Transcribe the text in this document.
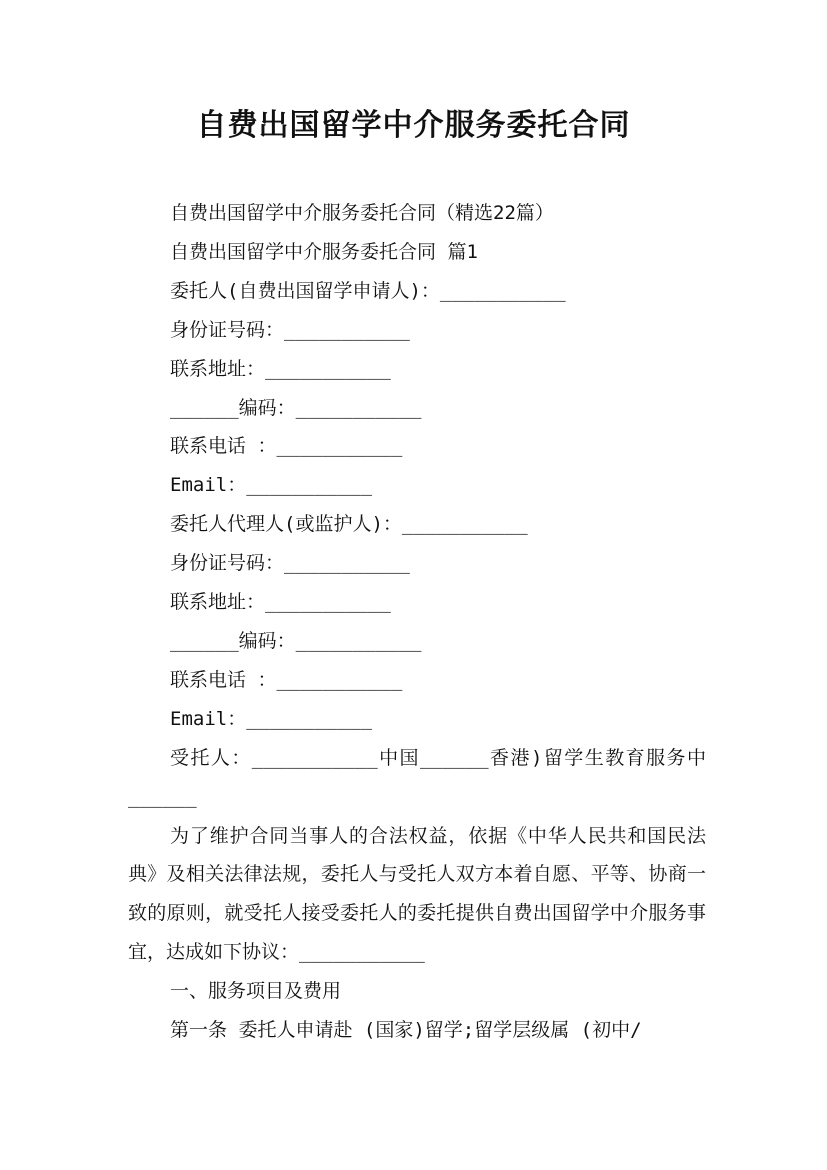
自费出国留学中介服务委托合同
自费出国留学中介服务委托合同（精选22篇）
自费出国留学中介服务委托合同 篇1
委托人(自费出国留学申请人)：___________
身份证号码：___________
联系地址：___________
______编码：___________
联系电话 ：___________
Email：___________
委托人代理人(或监护人)：___________
身份证号码：___________
联系地址：___________
______编码：___________
联系电话 ：___________
Email：___________
受托人：___________中国______香港)留学生教育服务中______
为了维护合同当事人的合法权益，依据《中华人民共和国民法典》及相关法律法规，委托人与受托人双方本着自愿、平等、协商一致的原则，就受托人接受委托人的委托提供自费出国留学中介服务事宜，达成如下协议：___________
一、服务项目及费用
第一条 委托人申请赴 (国家)留学;留学层级属 (初中/
